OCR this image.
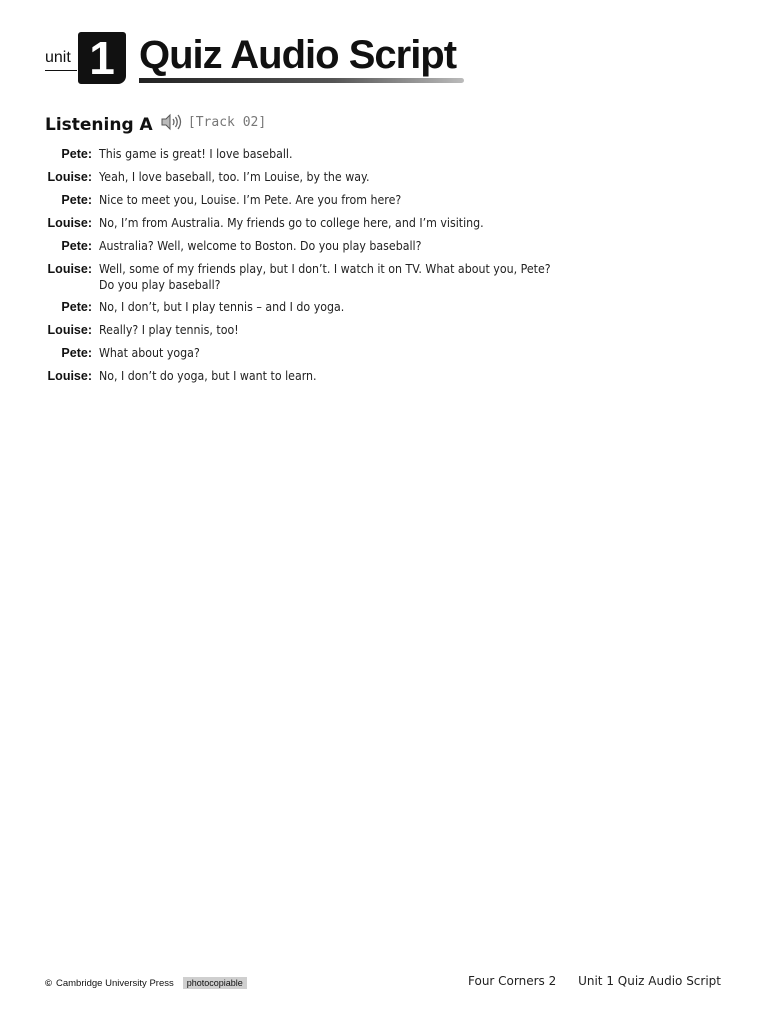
unit 1 Quiz Audio Script
Listening A	[Track 02]
Pete: This game is great! I love baseball.
Louise: Yeah, I love baseball, too. I’m Louise, by the way.
Pete: Nice to meet you, Louise. I’m Pete. Are you from here?
Louise: No, I’m from Australia. My friends go to college here, and I’m visiting.
Pete: Australia? Well, welcome to Boston. Do you play baseball?
Louise: Well, some of my friends play, but I don’t. I watch it on TV. What about you, Pete?
Do you play baseball?
Pete: No, I don’t, but I play tennis – and I do yoga.
Louise: Really? I play tennis, too!
Pete: What about yoga?
Louise: No, I don’t do yoga, but I want to learn.
© Cambridge University Press	photocopiable	Four Corners 2 Unit 1 Quiz Audio Script
